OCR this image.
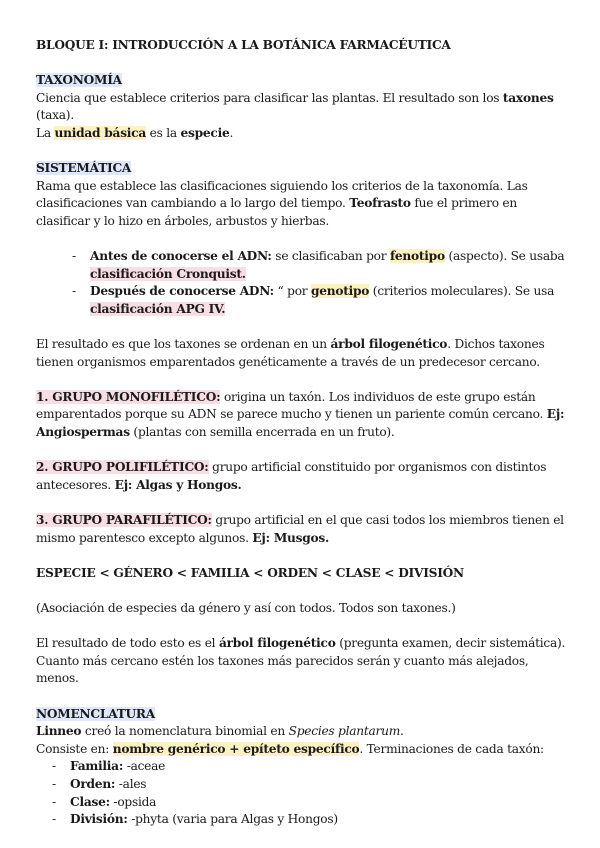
BLOQUE I: INTRODUCCIÓN A LA BOTÁNICA FARMACÉUTICA

TAXONOMÍA

Ciencia que establece criterios para clasificar las plantas. El resultado son los taxones (taxa).
La unidad básica es la especie.

SISTEMÁTICA

Rama que establece las clasificaciones siguiendo los criterios de la taxonomía. Las clasificaciones van cambiando a lo largo del tiempo. Teofrasto fue el primero en clasificar y lo hizo en árboles, arbustos y hierbas.

- Antes de conocerse el ADN: se clasificaban por fenotipo (aspecto). Se usaba clasificación Cronquist.
- Después de conocerse ADN: “ por genotipo (criterios moleculares). Se usa clasificación APG IV.

El resultado es que los taxones se ordenan en un árbol filogenético. Dichos taxones tienen organismos emparentados genéticamente a través de un predecesor cercano.

1. GRUPO MONOFILÉTICO: origina un taxón. Los individuos de este grupo están emparentados porque su ADN se parece mucho y tienen un pariente común cercano. Ej: Angiospermas (plantas con semilla encerrada en un fruto).

2. GRUPO POLIFILÉTICO: grupo artificial constituido por organismos con distintos antecesores. Ej: Algas y Hongos.

3. GRUPO PARAFILÉTICO: grupo artificial en el que casi todos los miembros tienen el mismo parentesco excepto algunos. Ej: Musgos.

ESPECIE < GÉNERO < FAMILIA < ORDEN < CLASE < DIVISIÓN

(Asociación de especies da género y así con todos. Todos son taxones.)

El resultado de todo esto es el árbol filogenético (pregunta examen, decir sistemática).
Cuanto más cercano estén los taxones más parecidos serán y cuanto más alejados, menos.

NOMENCLATURA

Linneo creó la nomenclatura binomial en Species plantarum.
Consiste en: nombre genérico + epíteto específico. Terminaciones de cada taxón:

- Familia: -aceae
- Orden: -ales
- Clase: -opsida
- División: -phyta (varia para Algas y Hongos)
